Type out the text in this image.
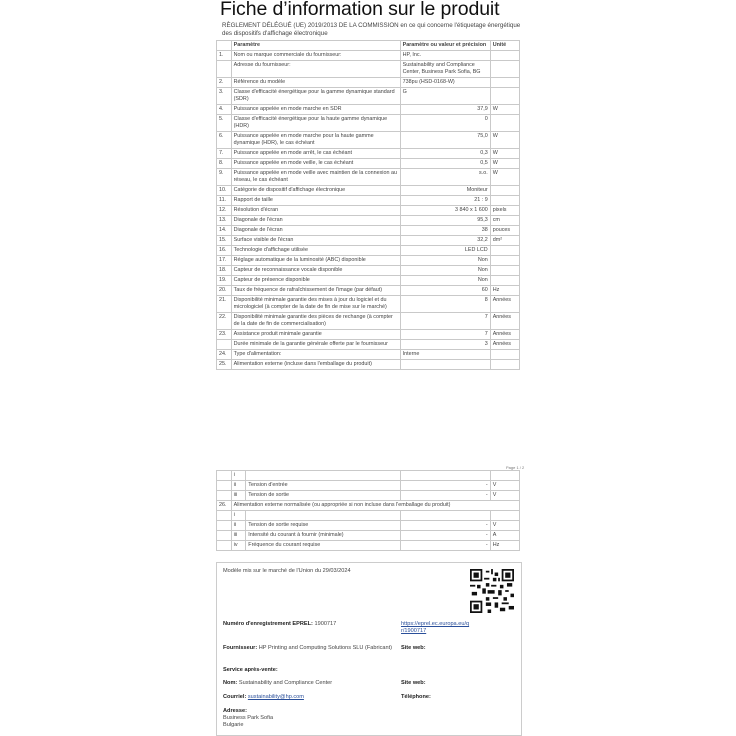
Fiche d’information sur le produit
RÈGLEMENT DÉLÉGUÉ (UE) 2019/2013 DE LA COMMISSION en ce qui concerne l'étiquetage énergétique des dispositifs d'affichage électronique
	Paramètre	Paramètre ou valeur et précision	Unité
1.	Nom ou marque commerciale du fournisseur:	HP, Inc.	
	Adresse du fournisseur:	Sustainability and Compliance Center, Business Park Sofia, BG	
2.	Référence du modèle	738pu (HSD-0168-W)	
3.	Classe d'efficacité énergétique pour la gamme dynamique standard (SDR)	G	
4.	Puissance appelée en mode marche en SDR	37,9	W
5.	Classe d'efficacité énergétique pour la haute gamme dynamique (HDR)	0	
6.	Puissance appelée en mode marche pour la haute gamme dynamique (HDR), le cas échéant	75,0	W
7.	Puissance appelée en mode arrêt, le cas échéant	0,3	W
8.	Puissance appelée en mode veille, le cas échéant	0,5	W
9.	Puissance appelée en mode veille avec maintien de la connexion au réseau, le cas échéant	s.o.	W
10.	Catégorie de dispositif d'affichage électronique	Moniteur	
11.	Rapport de taille	21 : 9	
12.	Résolution d'écran	3 840 x 1 600	pixels
13.	Diagonale de l'écran	95,3	cm
14.	Diagonale de l'écran	38	pouces
15.	Surface visible de l'écran	32,2	dm²
16.	Technologie d'affichage utilisée	LED LCD	
17.	Réglage automatique de la luminosité (ABC) disponible	Non	
18.	Capteur de reconnaissance vocale disponible	Non	
19.	Capteur de présence disponible	Non	
20.	Taux de fréquence de rafraîchissement de l'image (par défaut)	60	Hz
21.	Disponibilité minimale garantie des mises à jour du logiciel et du micrologiciel (à compter de la date de fin de mise sur le marché)	8	Années
22.	Disponibilité minimale garantie des pièces de rechange (à compter de la date de fin de commercialisation)	7	Années
23.	Assistance produit minimale garantie	7	Années
	Durée minimale de la garantie générale offerte par le fournisseur	3	Années
24.	Type d'alimentation:	Interne	
25.	Alimentation externe (incluse dans l'emballage du produit)		
Page 1 / 2
	i			
	ii	Tension d'entrée	-	V
	iii	Tension de sortie	-	V
26.	Alimentation externe normalisée (ou appropriée si non incluse dans l'emballage du produit)			
	i			
	ii	Tension de sortie requise	-	V
	iii	Intensité du courant à fournir (minimale)	-	A
	iv	Fréquence du courant requise	-	Hz
Modèle mis sur le marché de l'Union du 29/03/2024
Numéro d'enregistrement EPREL: 1900717	https://eprel.ec.europa.eu/qr/1900717
Fournisseur: HP Printing and Computing Solutions SLU (Fabricant) Site web:
Service après-vente:
Nom: Sustainability and Compliance Center	Site web:
Courriel: sustainability@hp.com	Téléphone:
Adresse:
Business Park Sofia
Bulgarie
